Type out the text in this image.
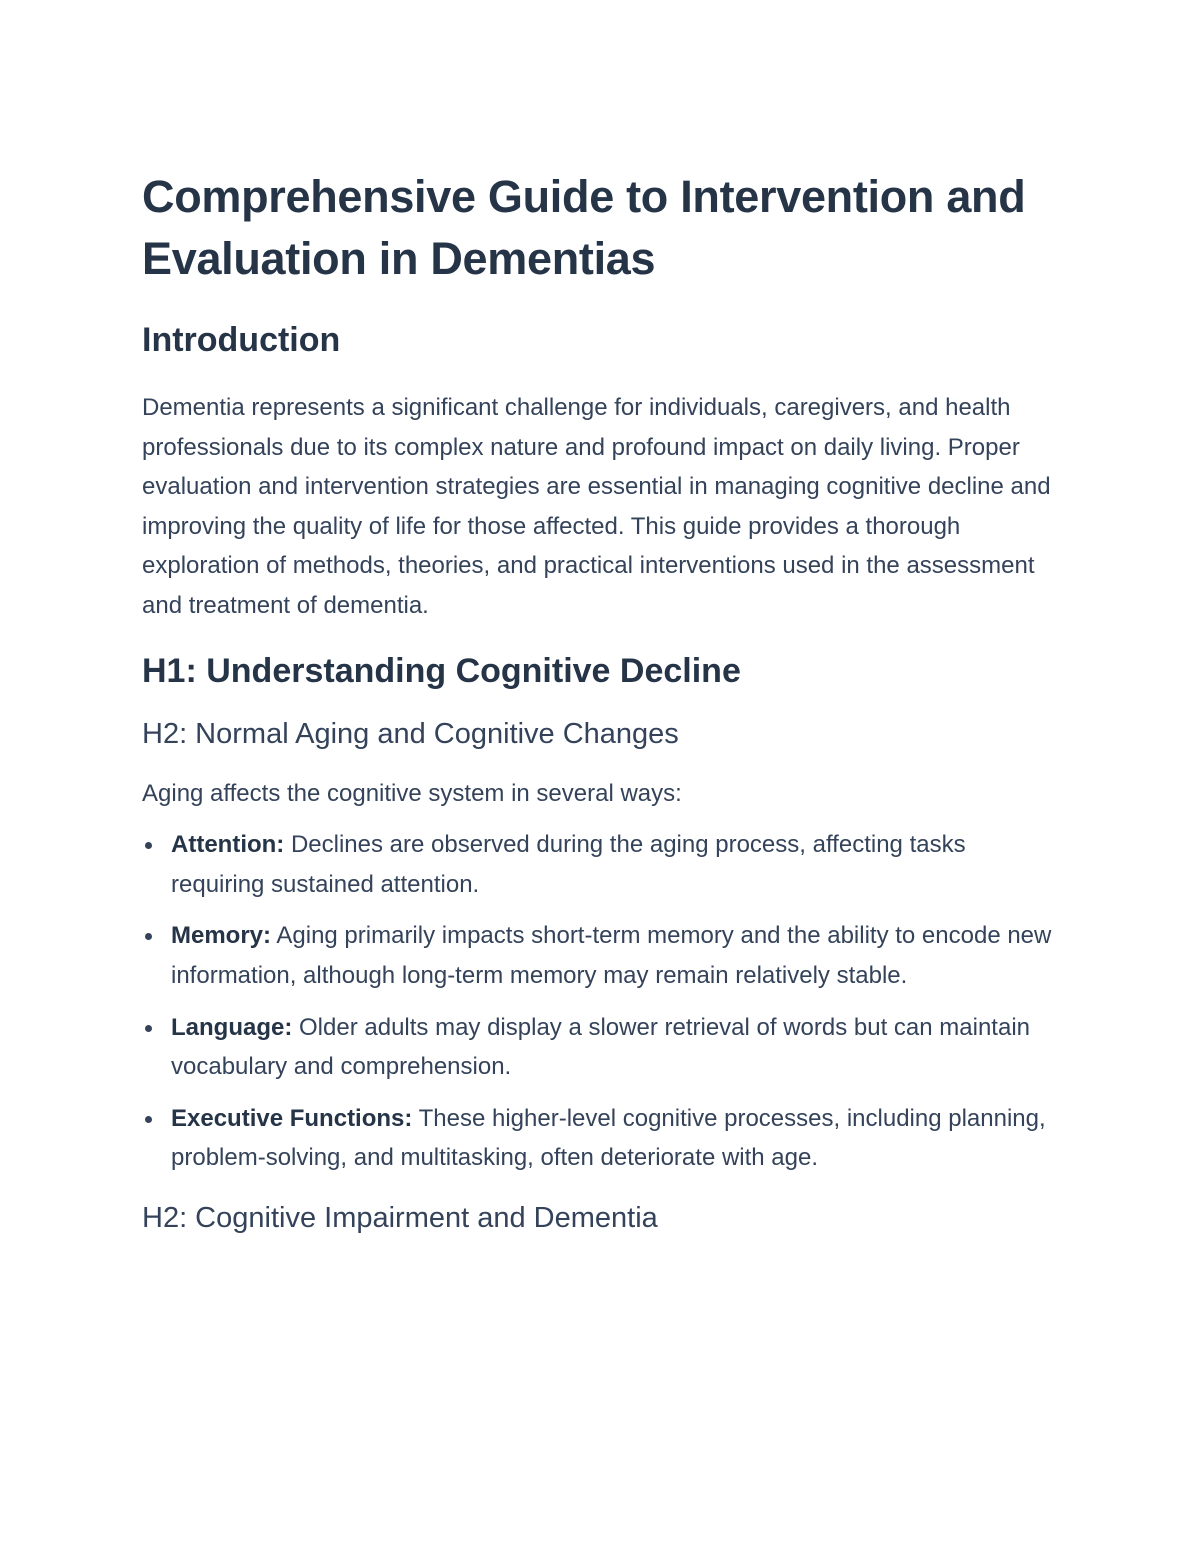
Comprehensive Guide to Intervention and Evaluation in Dementias
Introduction

Dementia represents a significant challenge for individuals, caregivers, and health professionals due to its complex nature and profound impact on daily living. Proper evaluation and intervention strategies are essential in managing cognitive decline and improving the quality of life for those affected. This guide provides a thorough exploration of methods, theories, and practical interventions used in the assessment and treatment of dementia.

H1: Understanding Cognitive Decline
H2: Normal Aging and Cognitive Changes

Aging affects the cognitive system in several ways:

Attention: Declines are observed during the aging process, affecting tasks requiring sustained attention.
Memory: Aging primarily impacts short-term memory and the ability to encode new information, although long-term memory may remain relatively stable.
Language: Older adults may display a slower retrieval of words but can maintain vocabulary and comprehension.
Executive Functions: These higher-level cognitive processes, including planning, problem-solving, and multitasking, often deteriorate with age.
H2: Cognitive Impairment and Dementia
